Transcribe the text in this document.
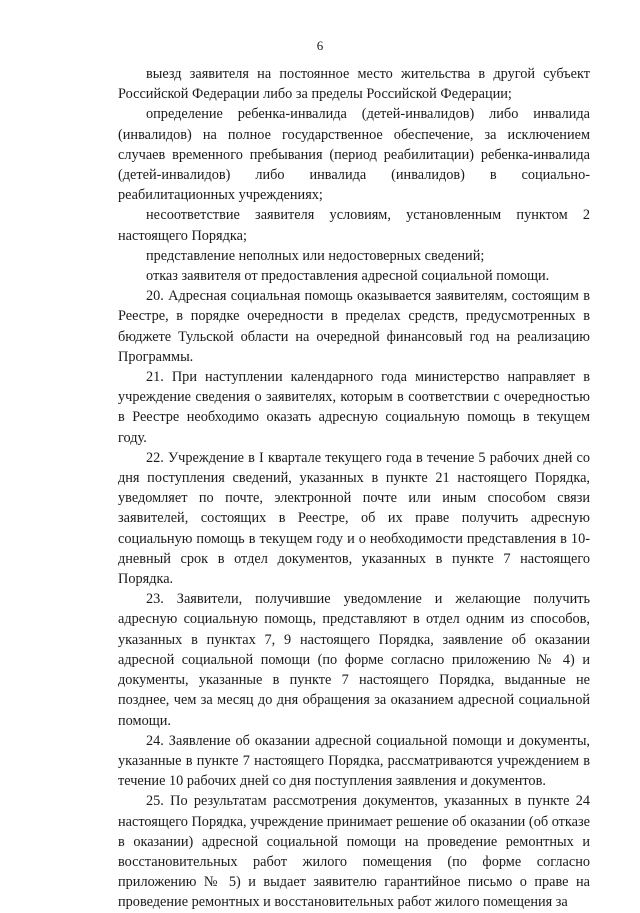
6

выезд заявителя на постоянное место жительства в другой субъект Российской Федерации либо за пределы Российской Федерации;

определение ребенка-инвалида (детей-инвалидов) либо инвалида (инвалидов) на полное государственное обеспечение, за исключением случаев временного пребывания (период реабилитации) ребенка-инвалида (детей-инвалидов) либо инвалида (инвалидов) в социально-реабилитационных учреждениях;

несоответствие заявителя условиям, установленным пунктом 2 настоящего Порядка;

представление неполных или недостоверных сведений;

отказ заявителя от предоставления адресной социальной помощи.

20. Адресная социальная помощь оказывается заявителям, состоящим в Реестре, в порядке очередности в пределах средств, предусмотренных в бюджете Тульской области на очередной финансовый год на реализацию Программы.

21. При наступлении календарного года министерство направляет в учреждение сведения о заявителях, которым в соответствии с очередностью в Реестре необходимо оказать адресную социальную помощь в текущем году.

22. Учреждение в I квартале текущего года в течение 5 рабочих дней со дня поступления сведений, указанных в пункте 21 настоящего Порядка, уведомляет по почте, электронной почте или иным способом связи заявителей, состоящих в Реестре, об их праве получить адресную социальную помощь в текущем году и о необходимости представления в 10-дневный срок в отдел документов, указанных в пункте 7 настоящего Порядка.

23. Заявители, получившие уведомление и желающие получить адресную социальную помощь, представляют в отдел одним из способов, указанных в пунктах 7, 9 настоящего Порядка, заявление об оказании адресной социальной помощи (по форме согласно приложению № 4) и документы, указанные в пункте 7 настоящего Порядка, выданные не позднее, чем за месяц до дня обращения за оказанием адресной социальной помощи.

24. Заявление об оказании адресной социальной помощи и документы, указанные в пункте 7 настоящего Порядка, рассматриваются учреждением в течение 10 рабочих дней со дня поступления заявления и документов.

25. По результатам рассмотрения документов, указанных в пункте 24 настоящего Порядка, учреждение принимает решение об оказании (об отказе в оказании) адресной социальной помощи на проведение ремонтных и восстановительных работ жилого помещения (по форме согласно приложению № 5) и выдает заявителю гарантийное письмо о праве на проведение ремонтных и восстановительных работ жилого помещения за
